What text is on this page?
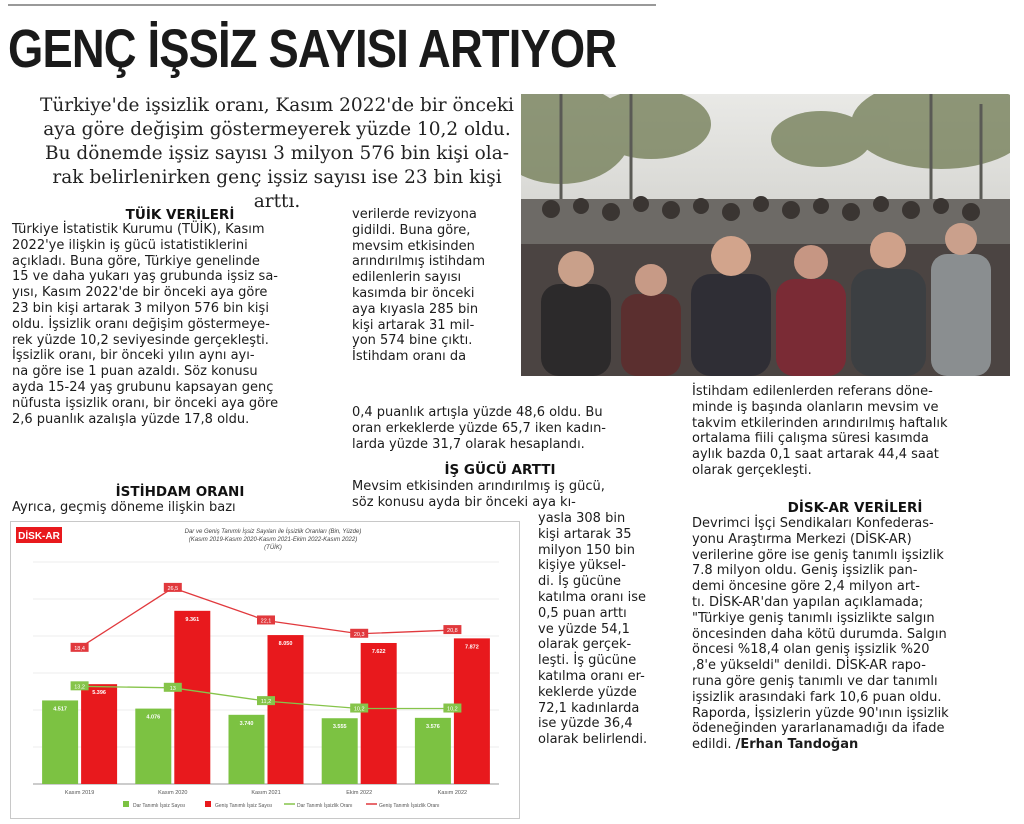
GENÇ İŞSİZ SAYISI ARTIYOR
Türkiye'de işsizlik oranı, Kasım 2022'de bir önceki
aya göre değişim göstermeyerek yüzde 10,2 oldu.
Bu dönemde işsiz sayısı 3 milyon 576 bin kişi ola-
rak belirlenirken genç işsiz sayısı ise 23 bin kişi arttı.
TÜİK VERİLERİ

Türkiye İstatistik Kurumu (TÜİK), Kasım

2022'ye ilişkin iş gücü istatistiklerini

açıkladı. Buna göre, Türkiye genelinde

15 ve daha yukarı yaş grubunda işsiz sa-

yısı, Kasım 2022'de bir önceki aya göre

23 bin kişi artarak 3 milyon 576 bin kişi

oldu. İşsizlik oranı değişim göstermeye-

rek yüzde 10,2 seviyesinde gerçekleşti.

İşsizlik oranı, bir önceki yılın aynı ayı-

na göre ise 1 puan azaldı. Söz konusu

ayda 15-24 yaş grubunu kapsayan genç

nüfusta işsizlik oranı, bir önceki aya göre

2,6 puanlık azalışla yüzde 17,8 oldu.

İSTİHDAM ORANI

Ayrıca, geçmiş döneme ilişkin bazı

verilerde revizyona

gidildi. Buna göre,

mevsim etkisinden

arındırılmış istihdam

edilenlerin sayısı

kasımda bir önceki

aya kıyasla 285 bin

kişi artarak 31 mil-

yon 574 bine çıktı.

İstihdam oranı da

0,4 puanlık artışla yüzde 48,6 oldu. Bu

oran erkeklerde yüzde 65,7 iken kadın-

larda yüzde 31,7 olarak hesaplandı.

İŞ GÜCÜ ARTTI

Mevsim etkisinden arındırılmış iş gücü,

söz konusu ayda bir önceki aya kı-

yasla 308 bin

kişi artarak 35

milyon 150 bin

kişiye yüksel-

di. İş gücüne

katılma oranı ise

0,5 puan arttı

ve yüzde 54,1

olarak gerçek-

leşti. İş gücüne

katılma oranı er-

keklerde yüzde

72,1 kadınlarda

ise yüzde 36,4

olarak belirlendi.

İstihdam edilenlerden referans döne-

minde iş başında olanların mevsim ve

takvim etkilerinden arındırılmış haftalık

ortalama fiili çalışma süresi kasımda

aylık bazda 0,1 saat artarak 44,4 saat

olarak gerçekleşti.

DİSK-AR VERİLERİ

Devrimci İşçi Sendikaları Konfederas-

yonu Araştırma Merkezi (DİSK-AR)

verilerine göre ise geniş tanımlı işsizlik

7.8 milyon oldu. Geniş işsizlik pan-

demi öncesine göre 2,4 milyon art-

tı. DİSK-AR'dan yapılan açıklamada;

"Türkiye geniş tanımlı işsizlikte salgın

öncesinden daha kötü durumda. Salgın

öncesi %18,4 olan geniş işsizlik %20

,8'e yükseldi" denildi. DİSK-AR rapo-

runa göre geniş tanımlı ve dar tanımlı

işsizlik arasındaki fark 10,6 puan oldu.

Raporda, İşsizlerin yüzde 90'ının işsizlik

ödeneğinden yararlanamadığı da ifade

edildi. /Erhan Tandoğan

DİSK-AR	Dar ve Geniş Tanımlı İşsiz Sayıları ile İşsizlik Oranları (Bin, Yüzde)
(Kasım 2019-Kasım 2020-Kasım 2021-Ekim 2022-Kasım 2022)
(TÜİK)
4.517
5.396
Kasım 2019
4.076
9.361
Kasım 2020
3.740
8.050
Kasım 2021
3.555
7.622
Ekim 2022
3.576
7.872
Kasım 2022
13,2	13
11,2
10,2	10,2
18,4
26,5
22,1
20,3
20,8
Dar Tanımlı İşsiz Sayısı	Geniş Tanımlı İşsiz Sayısı	Dar Tanımlı İşsizlik Oranı	Geniş Tanımlı İşsizlik Oranı
